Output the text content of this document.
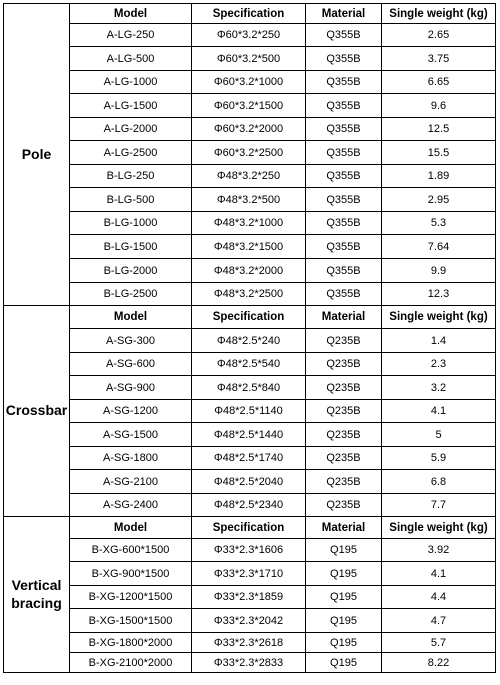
Pole	Model	Specification	Material	Single weight (kg)
	A-LG-250	Φ60*3.2*250	Q355B	2.65
	A-LG-500	Φ60*3.2*500	Q355B	3.75
	A-LG-1000	Φ60*3.2*1000	Q355B	6.65
	A-LG-1500	Φ60*3.2*1500	Q355B	9.6
	A-LG-2000	Φ60*3.2*2000	Q355B	12.5
	A-LG-2500	Φ60*3.2*2500	Q355B	15.5
	B-LG-250	Φ48*3.2*250	Q355B	1.89
	B-LG-500	Φ48*3.2*500	Q355B	2.95
	B-LG-1000	Φ48*3.2*1000	Q355B	5.3
	B-LG-1500	Φ48*3.2*1500	Q355B	7.64
	B-LG-2000	Φ48*3.2*2000	Q355B	9.9
	B-LG-2500	Φ48*3.2*2500	Q355B	12.3
Crossbar	Model	Specification	Material	Single weight (kg)
	A-SG-300	Φ48*2.5*240	Q235B	1.4
	A-SG-600	Φ48*2.5*540	Q235B	2.3
	A-SG-900	Φ48*2.5*840	Q235B	3.2
	A-SG-1200	Φ48*2.5*1140	Q235B	4.1
	A-SG-1500	Φ48*2.5*1440	Q235B	5
	A-SG-1800	Φ48*2.5*1740	Q235B	5.9
	A-SG-2100	Φ48*2.5*2040	Q235B	6.8
	A-SG-2400	Φ48*2.5*2340	Q235B	7.7
Vertical bracing	Model	Specification	Material	Single weight (kg)
	B-XG-600*1500	Φ33*2.3*1606	Q195	3.92
	B-XG-900*1500	Φ33*2.3*1710	Q195	4.1
	B-XG-1200*1500	Φ33*2.3*1859	Q195	4.4
	B-XG-1500*1500	Φ33*2.3*2042	Q195	4.7
	B-XG-1800*2000	Φ33*2.3*2618	Q195	5.7
	B-XG-2100*2000	Φ33*2.3*2833	Q195	8.22
